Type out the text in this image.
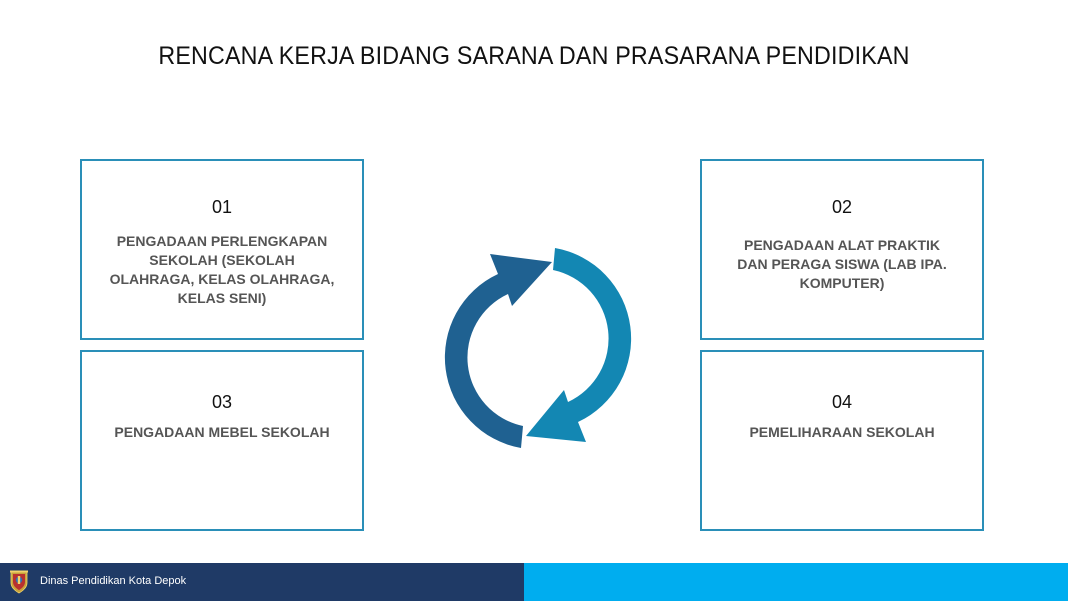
RENCANA KERJA BIDANG SARANA DAN PRASARANA PENDIDIKAN
01
PENGADAAN PERLENGKAPAN SEKOLAH (SEKOLAH OLAHRAGA, KELAS OLAHRAGA, KELAS SENI)
02
PENGADAAN ALAT PRAKTIK DAN PERAGA SISWA (LAB IPA. KOMPUTER)
03
PENGADAAN MEBEL SEKOLAH
04
PEMELIHARAAN SEKOLAH
Dinas Pendidikan Kota Depok
